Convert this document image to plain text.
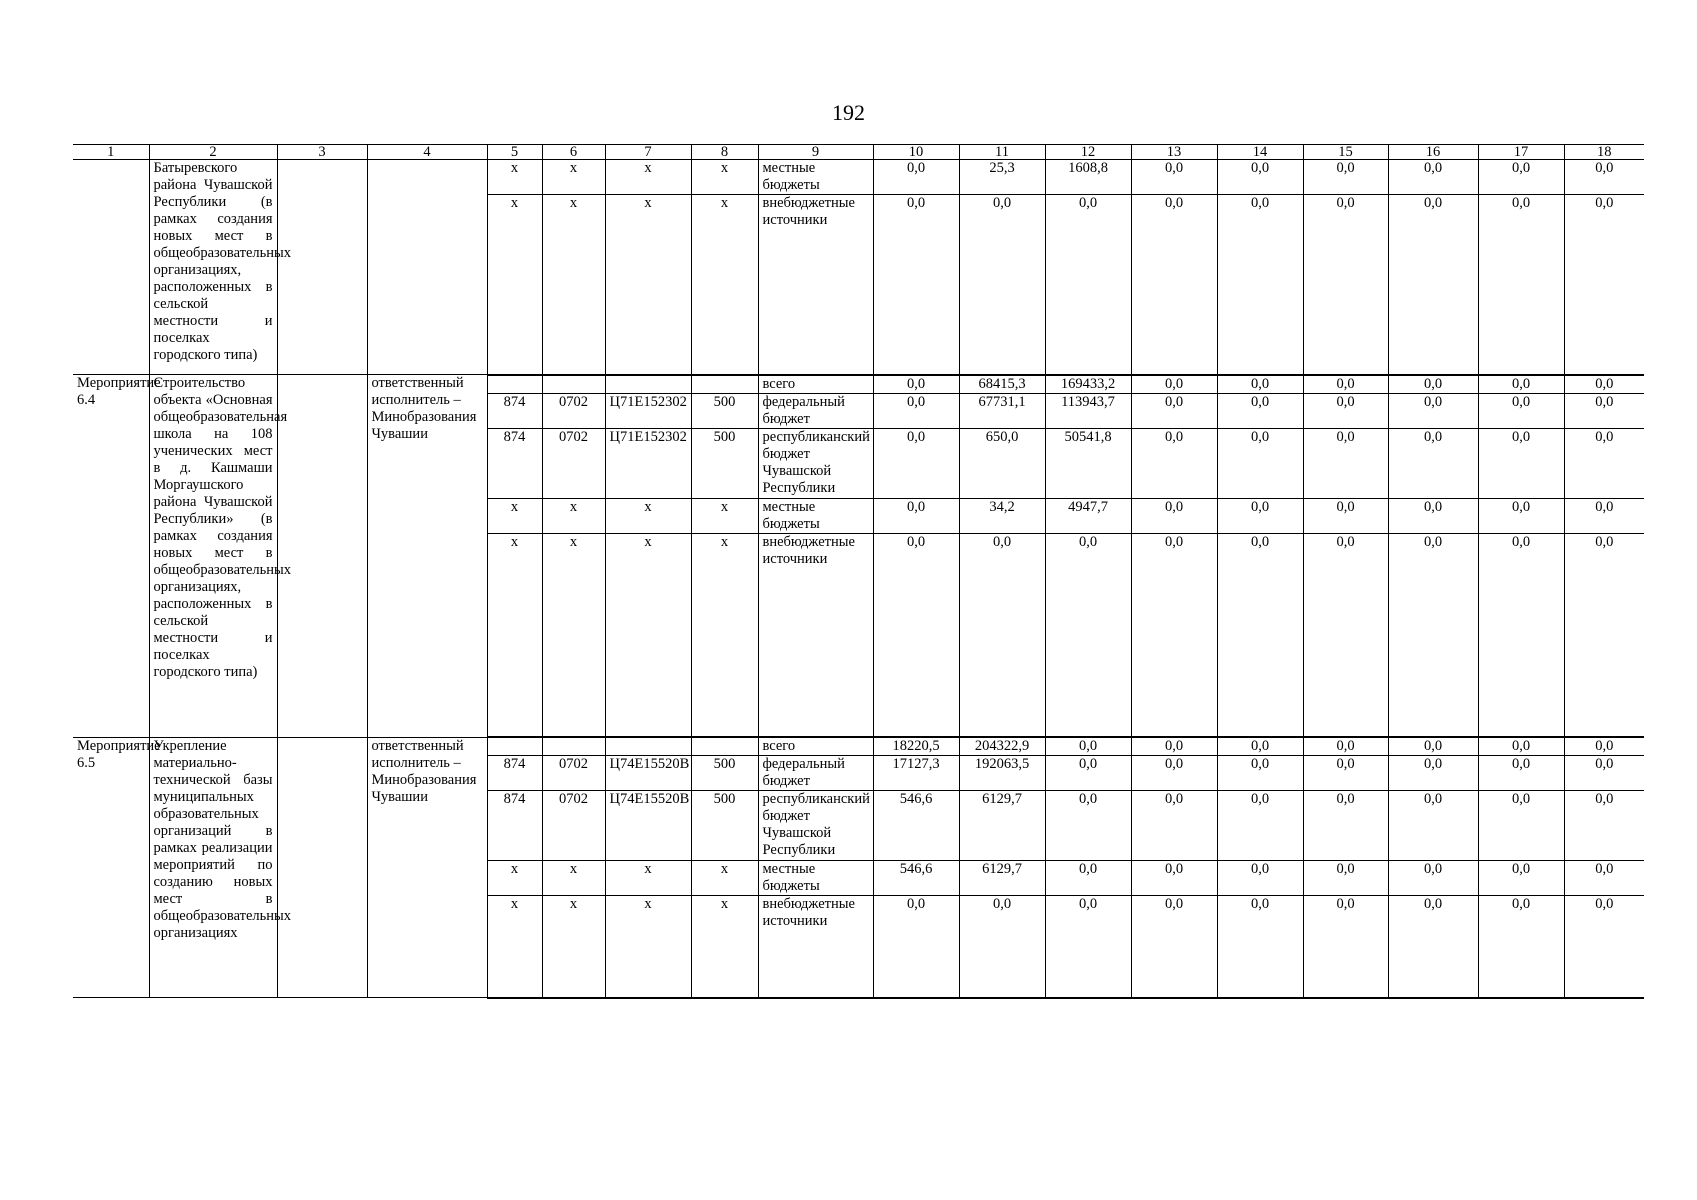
192
1	2	3	4	5	6	7	8	9	10	11	12	13	14	15	16	17	18
	Батыревского района Чувашской Республики (в рамках создания новых мест в общеобразовательных организациях, расположенных в сельской местности и поселках городского типа)			x	x	x	x	местные бюджеты	0,0	25,3	1608,8	0,0	0,0	0,0	0,0	0,0	0,0
				x	x	x	x	внебюджетные источники	0,0	0,0	0,0	0,0	0,0	0,0	0,0	0,0	0,0
Мероприятие 6.4	Строительство объекта «Основная общеобразовательная школа на 108 ученических мест в д. Кашмаши Моргаушского района Чувашской Республики» (в рамках создания новых мест в общеобразовательных организациях, расположенных в сельской местности и поселках городского типа)		ответственный исполнитель – Минобразования Чувашии					всего	0,0	68415,3	169433,2	0,0	0,0	0,0	0,0	0,0	0,0
				874	0702	Ц71Е152302	500	федеральный бюджет	0,0	67731,1	113943,7	0,0	0,0	0,0	0,0	0,0	0,0
				874	0702	Ц71Е152302	500	республиканский бюджет Чувашской Республики	0,0	650,0	50541,8	0,0	0,0	0,0	0,0	0,0	0,0
				x	x	x	x	местные бюджеты	0,0	34,2	4947,7	0,0	0,0	0,0	0,0	0,0	0,0
				x	x	x	x	внебюджетные источники	0,0	0,0	0,0	0,0	0,0	0,0	0,0	0,0	0,0
Мероприятие 6.5	Укрепление материально-технической базы муниципальных образовательных организаций в рамках реализации мероприятий по созданию новых мест в общеобразовательных организациях		ответственный исполнитель – Минобразования Чувашии					всего	18220,5	204322,9	0,0	0,0	0,0	0,0	0,0	0,0	0,0
				874	0702	Ц74Е15520В	500	федеральный бюджет	17127,3	192063,5	0,0	0,0	0,0	0,0	0,0	0,0	0,0
				874	0702	Ц74Е15520В	500	республиканский бюджет Чувашской Республики	546,6	6129,7	0,0	0,0	0,0	0,0	0,0	0,0	0,0
				x	x	x	x	местные бюджеты	546,6	6129,7	0,0	0,0	0,0	0,0	0,0	0,0	0,0
				x	x	x	x	внебюджетные источники	0,0	0,0	0,0	0,0	0,0	0,0	0,0	0,0	0,0
